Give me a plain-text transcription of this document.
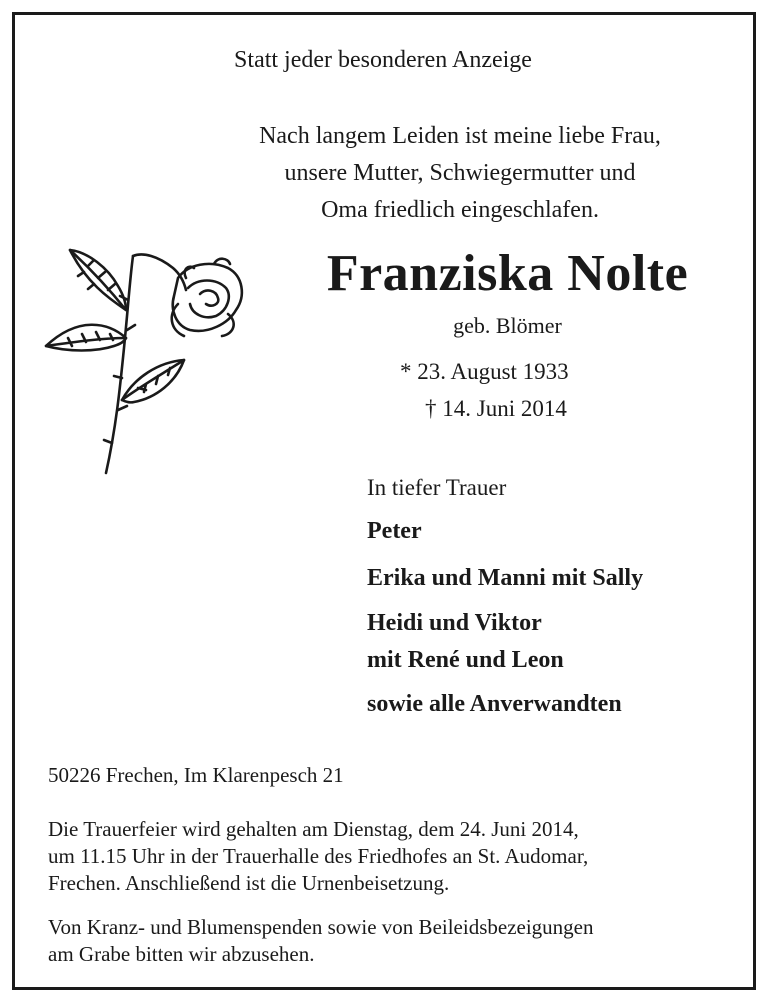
Statt jeder besonderen Anzeige
Nach langem Leiden ist meine liebe Frau,
unsere Mutter, Schwiegermutter und
Oma friedlich eingeschlafen.
Franziska Nolte
geb. Blömer
* 23. August 1933
† 14. Juni 2014
In tiefer Trauer
Peter
Erika und Manni mit Sally
Heidi und Viktor
mit René und Leon
sowie alle Anverwandten
50226 Frechen, Im Klarenpesch 21
Die Trauerfeier wird gehalten am Dienstag, dem 24. Juni 2014,
um 11.15 Uhr in der Trauerhalle des Friedhofes an St. Audomar,
Frechen. Anschließend ist die Urnenbeisetzung.
Von Kranz- und Blumenspenden sowie von Beileidsbezeigungen
am Grabe bitten wir abzusehen.
